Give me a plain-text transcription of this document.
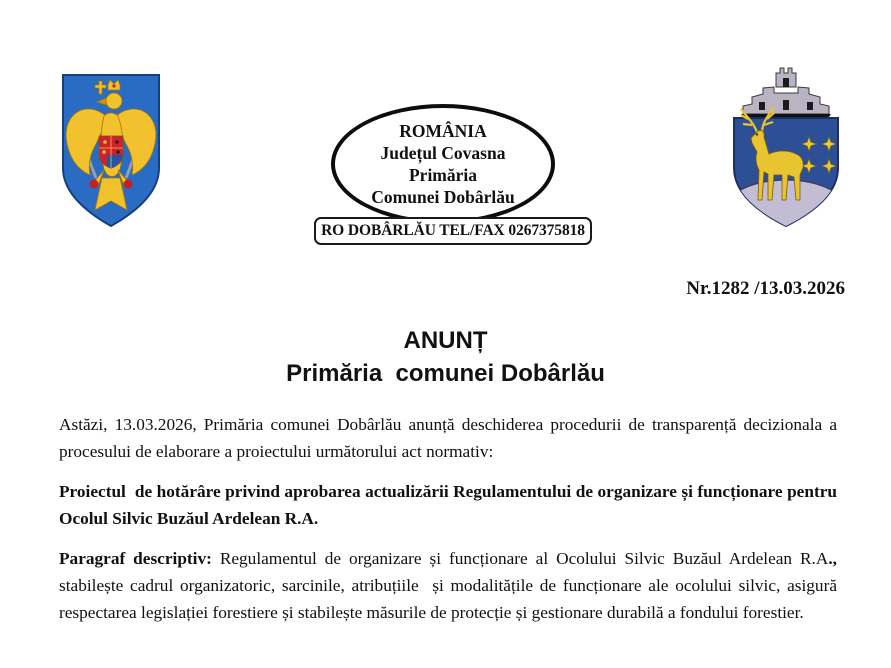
ROMÂNIA
Județul Covasna
Primăria
Comunei Dobârlău
RO DOBÂRLĂU TEL/FAX 0267375818
Nr.1282 /13.03.2026
ANUNȚ
Primăria  comunei Dobârlău

Astăzi, 13.03.2026, Primăria comunei Dobârlău anunță deschiderea procedurii de transparență decizionala a procesului de elaborare a proiectului următorului act normativ:

Proiectul  de hotărâre privind aprobarea actualizării Regulamentului de organizare și funcționare pentru Ocolul Silvic Buzăul Ardelean R.A.

Paragraf descriptiv: Regulamentul de organizare și funcționare al Ocolului Silvic Buzăul Ardelean R.A., stabilește cadrul organizatoric, sarcinile, atribuțiile  și modalitățile de funcționare ale ocolului silvic, asigură respectarea legislației forestiere și stabilește măsurile de protecție și gestionare durabilă a fondului forestier.
